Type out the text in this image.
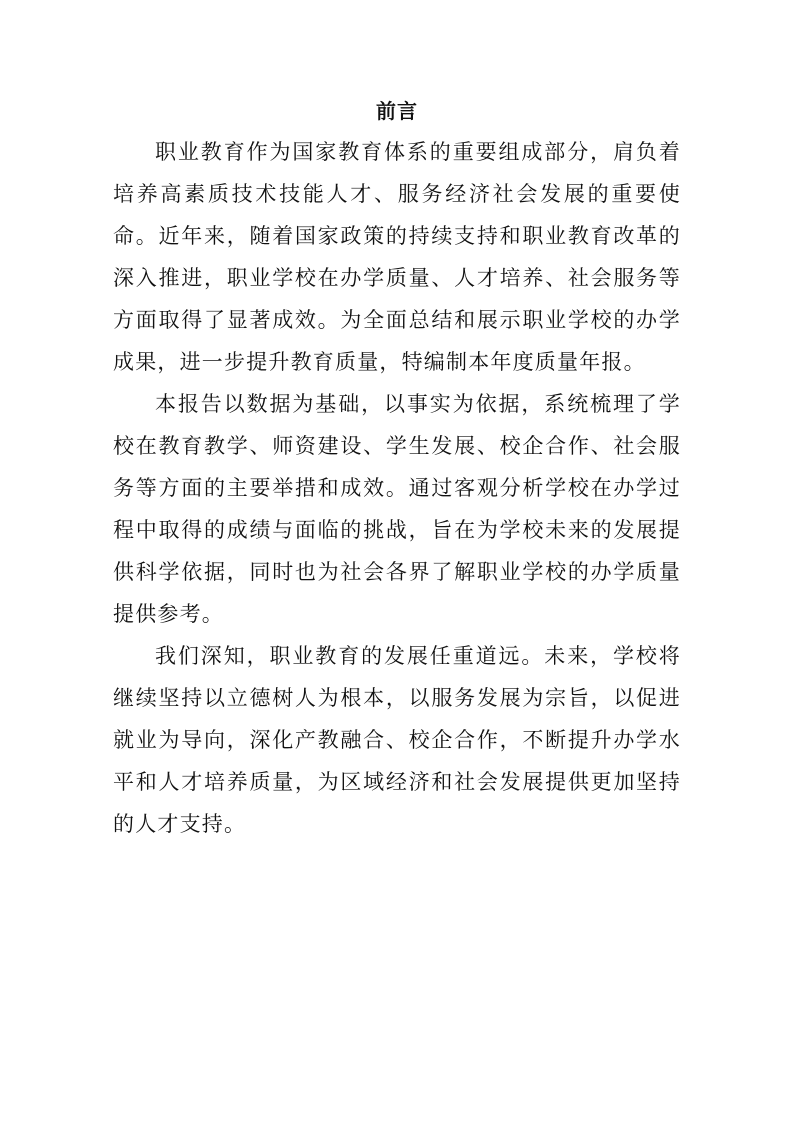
前言

职业教育作为国家教育体系的重要组成部分，肩负着培养高素质技术技能人才、服务经济社会发展的重要使命。近年来，随着国家政策的持续支持和职业教育改革的深入推进，职业学校在办学质量、人才培养、社会服务等方面取得了显著成效。为全面总结和展示职业学校的办学成果，进一步提升教育质量，特编制本年度质量年报。

本报告以数据为基础，以事实为依据，系统梳理了学校在教育教学、师资建设、学生发展、校企合作、社会服务等方面的主要举措和成效。通过客观分析学校在办学过程中取得的成绩与面临的挑战，旨在为学校未来的发展提供科学依据，同时也为社会各界了解职业学校的办学质量提供参考。

我们深知，职业教育的发展任重道远。未来，学校将继续坚持以立德树人为根本，以服务发展为宗旨，以促进就业为导向，深化产教融合、校企合作，不断提升办学水平和人才培养质量，为区域经济和社会发展提供更加坚持的人才支持。
